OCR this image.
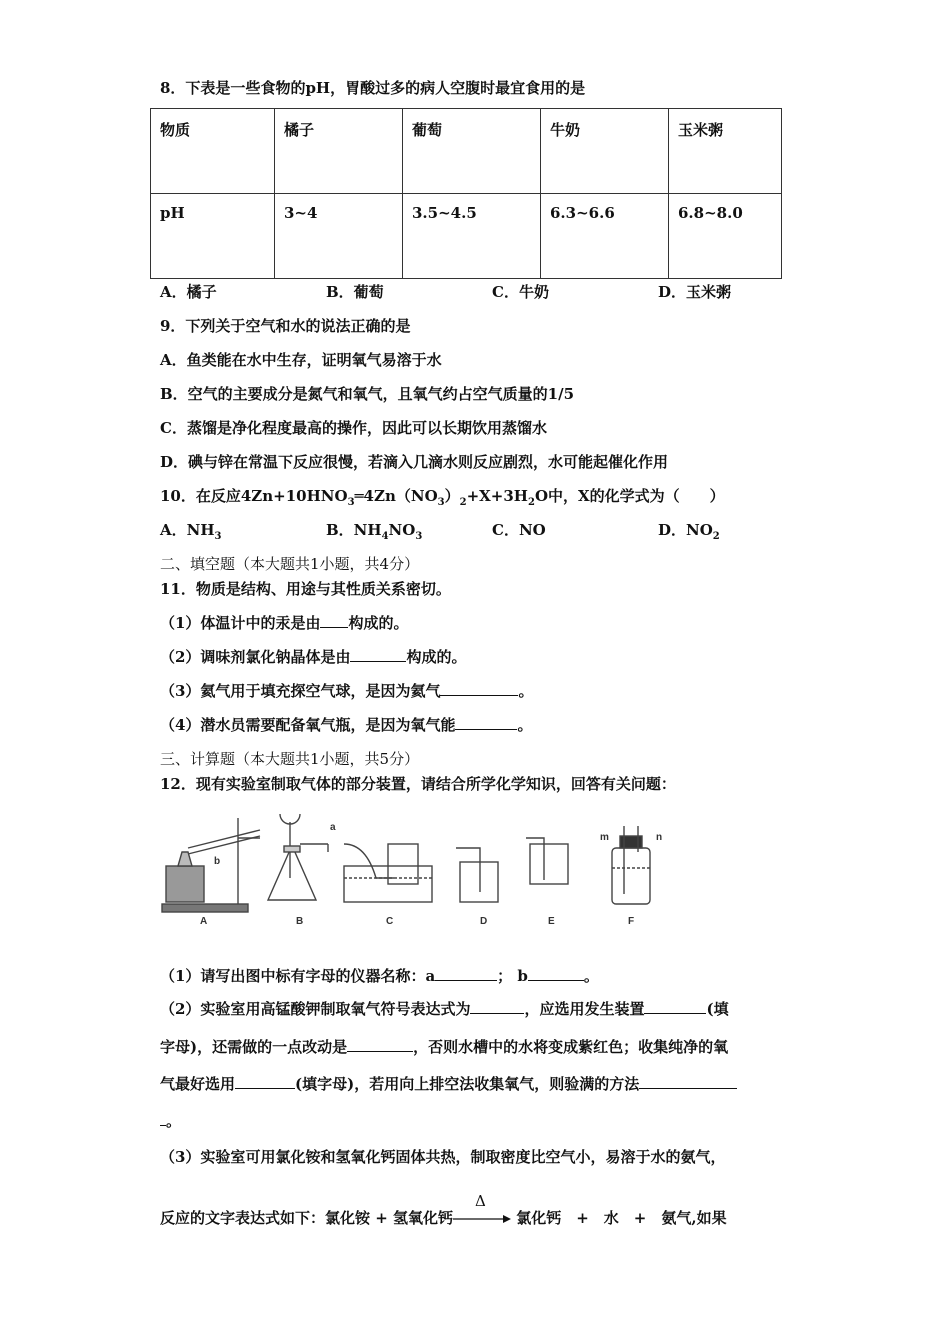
8．下表是一些食物的pH，胃酸过多的病人空腹时最宜食用的是
物质	橘子	葡萄	牛奶	玉米粥
pH	3~4	3.5~4.5	6.3~6.6	6.8~8.0
A．橘子	B．葡萄	C．牛奶	D．玉米粥
9．下列关于空气和水的说法正确的是
A．鱼类能在水中生存，证明氧气易溶于水
B．空气的主要成分是氮气和氧气，且氧气约占空气质量的1/5
C．蒸馏是净化程度最高的操作，因此可以长期饮用蒸馏水
D．碘与锌在常温下反应很慢，若滴入几滴水则反应剧烈，水可能起催化作用
10．在反应$4Zn+10HNO_3═4Zn(NO_3)_2+X+3H_2O$中，X的化学式为（　　）
A．$NH_3$	B．$NH_4NO_3$	C．NO	D．$NO_2$
二、填空题（本大题共1小题，共4分）
11．物质是结构、用途与其性质关系密切。
（1）体温计中的汞是由 构成的。
（2）调味剂氯化钠晶体是由	构成的。
（3）氦气用于填充探空气球，是因为氦气	。
（4）潜水员需要配备氧气瓶，是因为氧气能	。
三、计算题（本大题共1小题，共5分）
12．现有实验室制取气体的部分装置，请结合所学化学知识，回答有关问题：
A	B	C	D	E	F
a
b
m	n
（1）请写出图中标有字母的仪器名称：a	； b	。
（2）实验室用高锰酸钾制取氧气符号表达式为	，应选用发生装置	(填
字母)，还需做的一点改动是	，否则水槽中的水将变成紫红色；收集纯净的氧
气最好选用	(填字母)，若用向上排空法收集氧气，则验满的方法
。
（3）实验室可用氯化铵和氢氧化钙固体共热，制取密度比空气小，易溶于水的氨气，
反应的文字表达式如下：氯化铵 + 氢氧化钙
Δ
氯化钙　+　水　+　氨气,如果
